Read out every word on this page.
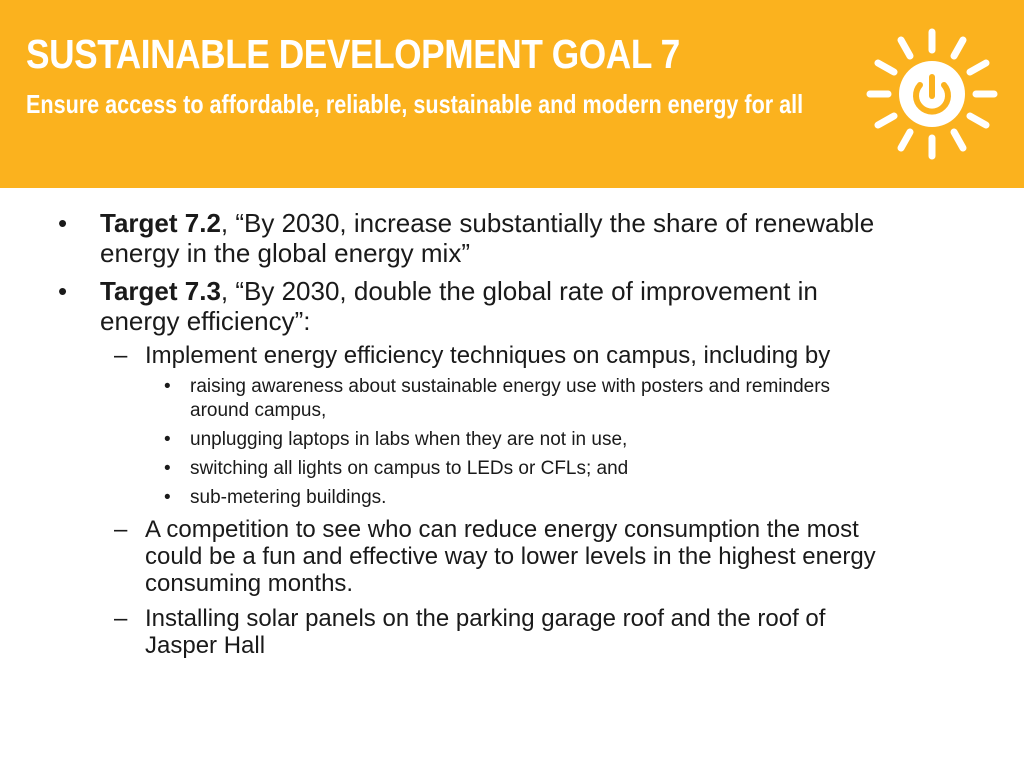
SUSTAINABLE DEVELOPMENT GOAL 7
Ensure access to affordable, reliable, sustainable and modern energy for all
• Target 7.2, “By 2030, increase substantially the share of renewable
energy in the global energy mix”
• Target 7.3, “By 2030, double the global rate of improvement in
energy efficiency”:
– Implement energy efficiency techniques on campus, including by
• raising awareness about sustainable energy use with posters and reminders
around campus,
• unplugging laptops in labs when they are not in use,
• switching all lights on campus to LEDs or CFLs; and
• sub-metering buildings.
– A competition to see who can reduce energy consumption the most
could be a fun and effective way to lower levels in the highest energy
consuming months.
– Installing solar panels on the parking garage roof and the roof of
Jasper Hall
